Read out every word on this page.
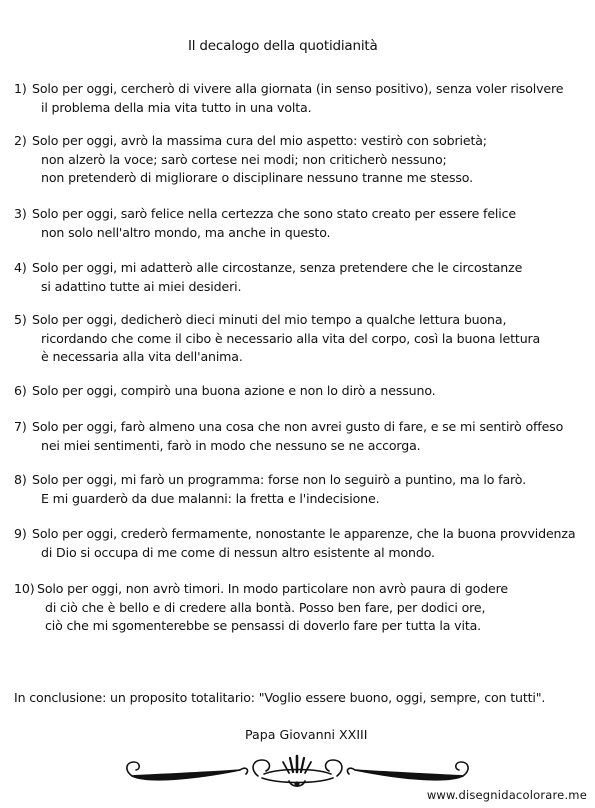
Il decalogo della quotidianità
1) Solo per oggi, cercherò di vivere alla giornata (in senso positivo), senza voler risolvere
il problema della mia vita tutto in una volta.
2) Solo per oggi, avrò la massima cura del mio aspetto: vestirò con sobrietà;
non alzerò la voce; sarò cortese nei modi; non criticherò nessuno;
non pretenderò di migliorare o disciplinare nessuno tranne me stesso.
3) Solo per oggi, sarò felice nella certezza che sono stato creato per essere felice
non solo nell'altro mondo, ma anche in questo.
4) Solo per oggi, mi adatterò alle circostanze, senza pretendere che le circostanze
si adattino tutte ai miei desideri.
5) Solo per oggi, dedicherò dieci minuti del mio tempo a qualche lettura buona,
ricordando che come il cibo è necessario alla vita del corpo, così la buona lettura
è necessaria alla vita dell'anima.
6) Solo per oggi, compirò una buona azione e non lo dirò a nessuno.
7) Solo per oggi, farò almeno una cosa che non avrei gusto di fare, e se mi sentirò offeso
nei miei sentimenti, farò in modo che nessuno se ne accorga.
8) Solo per oggi, mi farò un programma: forse non lo seguirò a puntino, ma lo farò.
E mi guarderò da due malanni: la fretta e l'indecisione.
9) Solo per oggi, crederò fermamente, nonostante le apparenze, che la buona provvidenza
di Dio si occupa di me come di nessun altro esistente al mondo.
10) Solo per oggi, non avrò timori. In modo particolare non avrò paura di godere
di ciò che è bello e di credere alla bontà. Posso ben fare, per dodici ore,
ciò che mi sgomenterebbe se pensassi di doverlo fare per tutta la vita.
In conclusione: un proposito totalitario: "Voglio essere buono, oggi, sempre, con tutti".
Papa Giovanni XXIII
www.disegnidacolorare.me
